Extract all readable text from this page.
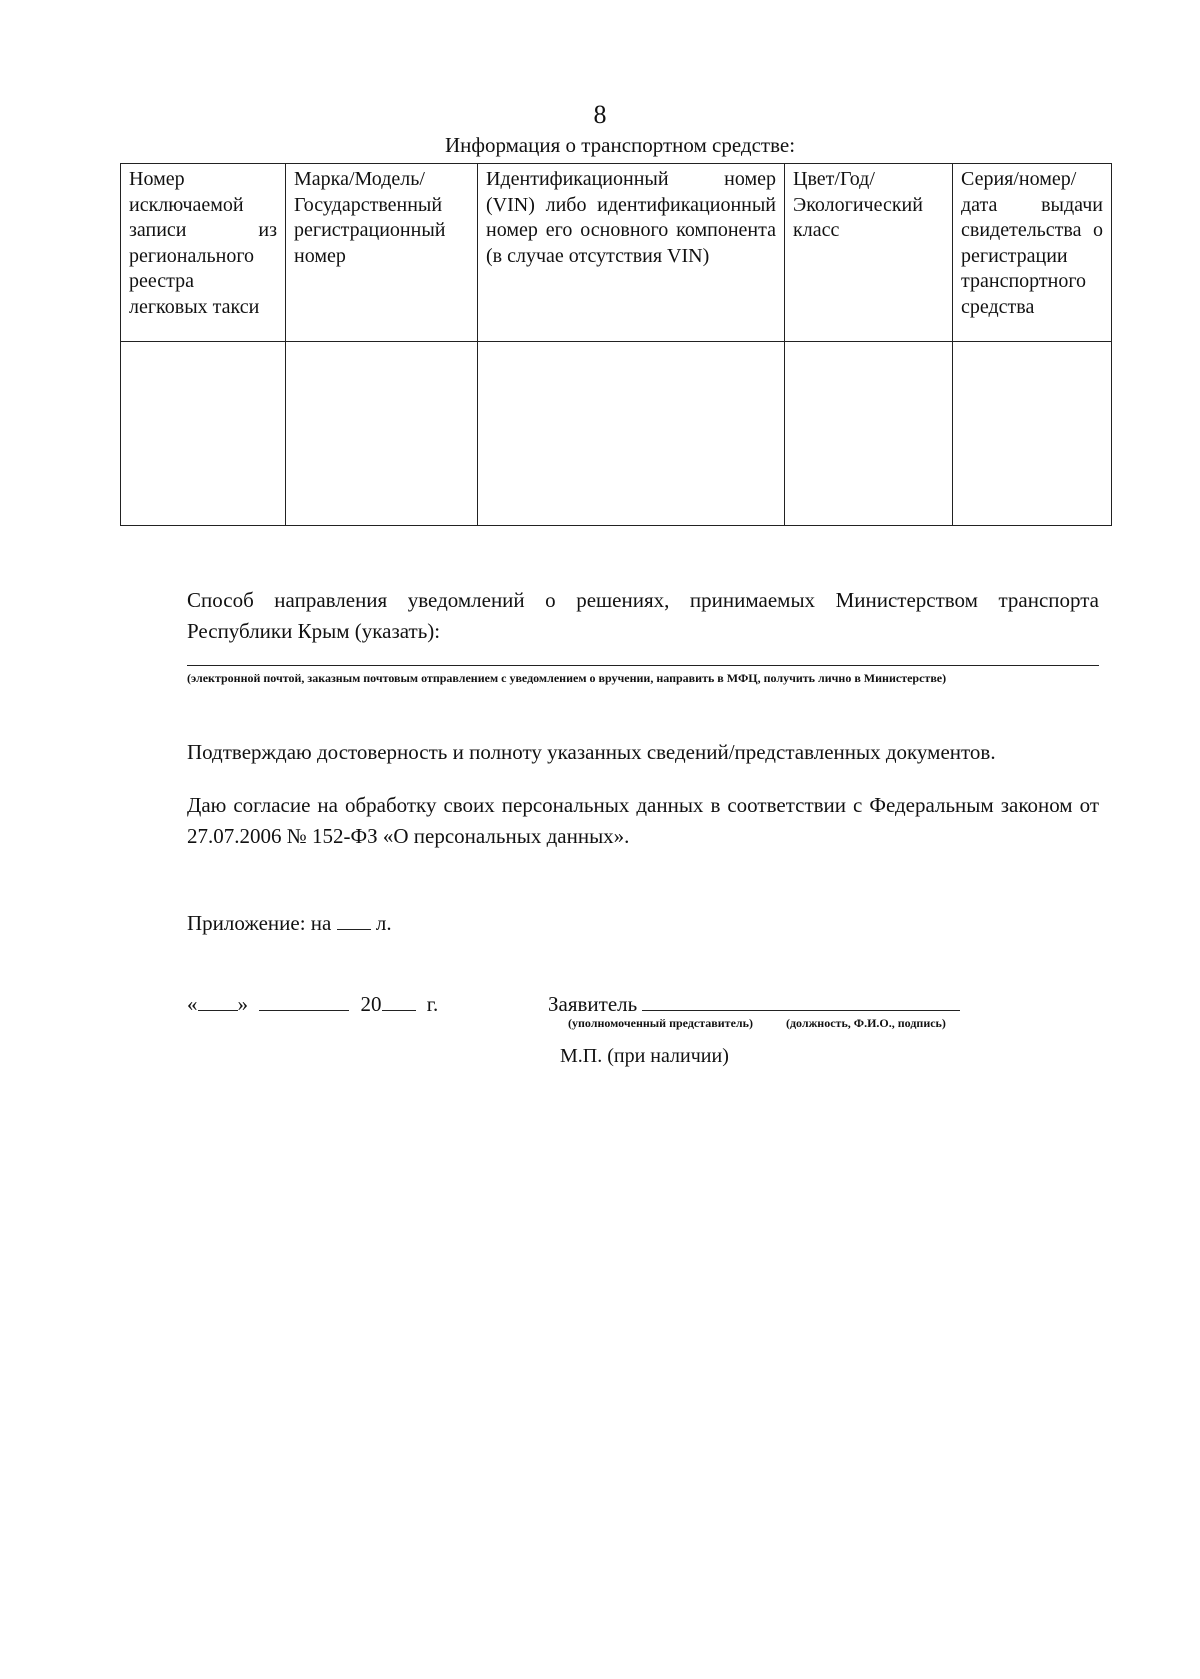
8
Информация о транспортном средстве:
Номер исключаемой записи из регионального реестра легковых такси	Марка/Модель/ Государственный регистрационный номер	Идентификационный номер (VIN) либо идентификационный номер его основного компонента (в случае отсутствия VIN)	Цвет/Год/ Экологический класс	Серия/номер/ дата выдачи свидетельства о регистрации транспортного средства

Способ направления уведомлений о решениях, принимаемых Министерством транспорта Республики Крым (указать):
(электронной почтой, заказным почтовым отправлением с уведомлением о вручении, направить в МФЦ, получить лично в Министерстве)
Подтверждаю достоверность и полноту указанных сведений/представленных документов.
Даю согласие на обработку своих персональных данных в соответствии с Федеральным законом от 27.07.2006 № 152-ФЗ «О персональных данных».
Приложение: на л.
« »	20 г.	Заявитель
(уполномоченный представитель)	(должность, Ф.И.О., подпись)
М.П. (при наличии)
